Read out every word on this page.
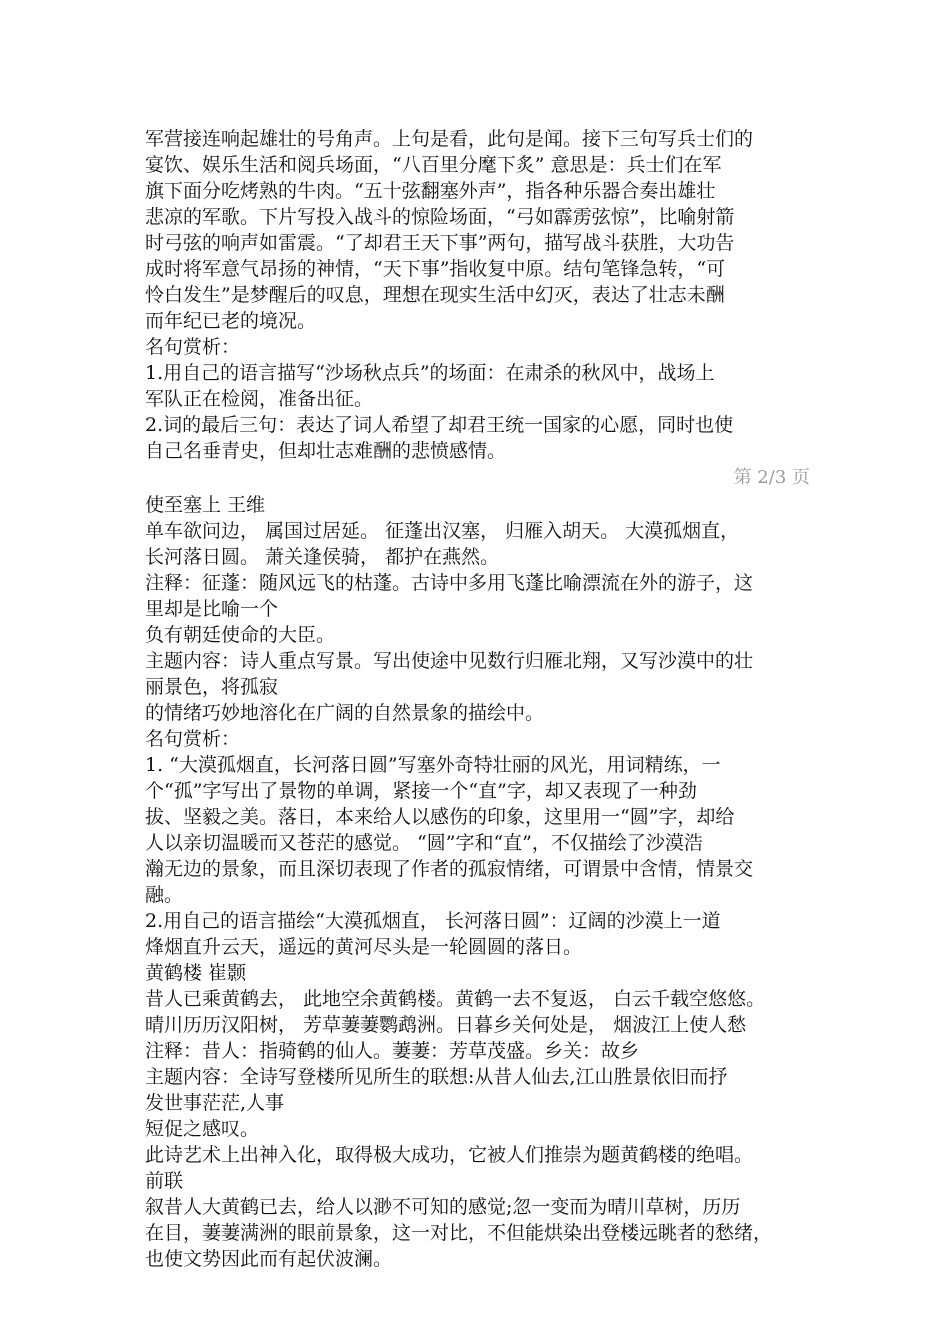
军营接连响起雄壮的号角声。上句是看，此句是闻。接下三句写兵士们的
宴饮、娱乐生活和阅兵场面，“八百里分麾下炙” 意思是：兵士们在军
旗下面分吃烤熟的牛肉。“五十弦翻塞外声”，指各种乐器合奏出雄壮
悲凉的军歌。下片写投入战斗的惊险场面，“弓如霹雳弦惊”，比喻射箭
时弓弦的响声如雷震。“了却君王天下事”两句，描写战斗获胜，大功告
成时将军意气昂扬的神情，“天下事”指收复中原。结句笔锋急转，“可
怜白发生”是梦醒后的叹息，理想在现实生活中幻灭，表达了壮志未酬
而年纪已老的境况。
名句赏析：
1.用自己的语言描写“沙场秋点兵”的场面：在肃杀的秋风中，战场上
军队正在检阅，准备出征。
2.词的最后三句：表达了词人希望了却君王统一国家的心愿，同时也使
自己名垂青史，但却壮志难酬的悲愤感情。
第 2/3 页
使至塞上 王维
单车欲问边， 属国过居延。 征蓬出汉塞， 归雁入胡天。 大漠孤烟直，
长河落日圆。 萧关逢侯骑， 都护在燕然。
注释：征蓬：随风远飞的枯蓬。古诗中多用飞蓬比喻漂流在外的游子，这
里却是比喻一个
负有朝廷使命的大臣。
主题内容：诗人重点写景。写出使途中见数行归雁北翔，又写沙漠中的壮
丽景色，将孤寂
的情绪巧妙地溶化在广阔的自然景象的描绘中。
名句赏析：
1. “大漠孤烟直，长河落日圆”写塞外奇特壮丽的风光，用词精练，一
个“孤”字写出了景物的单调，紧接一个“直”字，却又表现了一种劲
拔、坚毅之美。落日，本来给人以感伤的印象，这里用一“圆”字，却给
人以亲切温暖而又苍茫的感觉。 “圆”字和“直”，不仅描绘了沙漠浩
瀚无边的景象，而且深切表现了作者的孤寂情绪，可谓景中含情，情景交
融。
2.用自己的语言描绘“大漠孤烟直， 长河落日圆”：辽阔的沙漠上一道
烽烟直升云天，遥远的黄河尽头是一轮圆圆的落日。
黄鹤楼 崔颢
昔人已乘黄鹤去， 此地空余黄鹤楼。黄鹤一去不复返， 白云千载空悠悠。
晴川历历汉阳树， 芳草萋萋鹦鹉洲。日暮乡关何处是， 烟波江上使人愁
注释：昔人：指骑鹤的仙人。萋萋：芳草茂盛。乡关：故乡
主题内容：全诗写登楼所见所生的联想:从昔人仙去,江山胜景依旧而抒
发世事茫茫,人事
短促之感叹。
此诗艺术上出神入化，取得极大成功，它被人们推崇为题黄鹤楼的绝唱。
前联
叙昔人大黄鹤已去，给人以渺不可知的感觉;忽一变而为晴川草树，历历
在目，萋萋满洲的眼前景象，这一对比，不但能烘染出登楼远眺者的愁绪，
也使文势因此而有起伏波澜。
